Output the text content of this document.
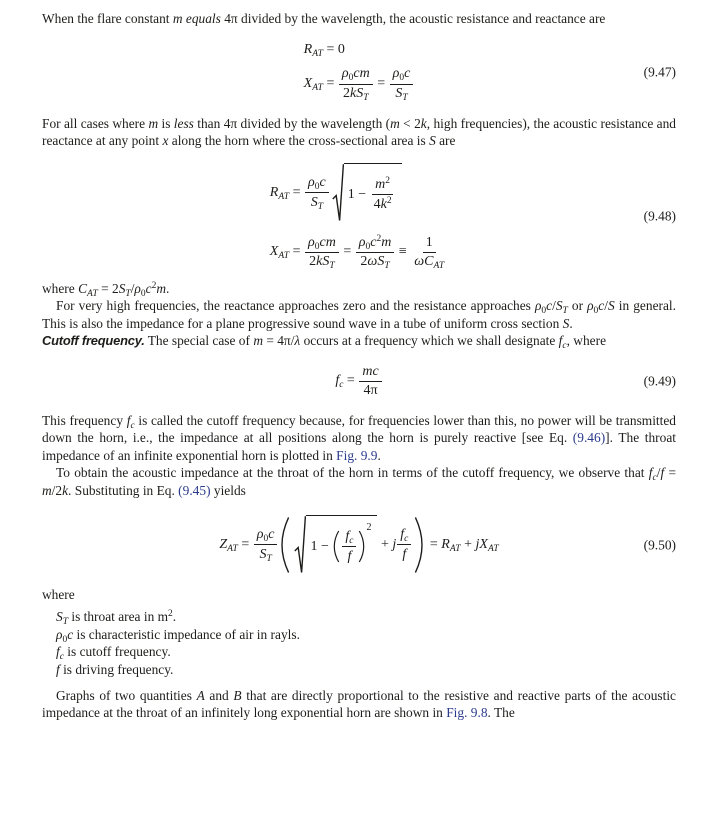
When the flare constant m equals 4π divided by the wavelength, the acoustic resistance and reactance are

$R_{AT} = 0$
$X_{AT} = \frac{\rho_0cm}{2kS_T} = \frac{\rho_0c}{S_T}$	(9.47)

For all cases where m is less than 4π divided by the wavelength (m < 2k, high frequencies), the acoustic resistance and reactance at any point x along the horn where the cross-sectional area is S are

$R_{AT} = \frac{\rho_0c}{S_T} 1 - \frac{m^2}{4k^2}$
$X_{AT} = \frac{\rho_0cm}{2kS_T} = \frac{\rho_0c^2m}{2\omega S_T} \equiv \frac{1}{\omega C_{AT}}$
(9.48)

where $C_{AT} = 2S_T/\rho_0c^2m$.

For very high frequencies, the reactance approaches zero and the resistance approaches $\rho_0c/S_T$ or $\rho_0c/S$ in general. This is also the impedance for a plane progressive sound wave in a tube of uniform cross section S.

Cutoff frequency. The special case of m = 4π/λ occurs at a frequency which we shall designate $f_c$, where

$f_c = \frac{mc}{4\pi}$	(9.49)

This frequency $f_c$ is called the cutoff frequency because, for frequencies lower than this, no power will be transmitted down the horn, i.e., the impedance at all positions along the horn is purely reactive [see Eq. (9.46)]. The throat impedance of an infinite exponential horn is plotted in Fig. 9.9.

To obtain the acoustic impedance at the throat of the horn in terms of the cutoff frequency, we observe that $f_c/f = m/2k$. Substituting in Eq. (9.45) yields

$Z_{AT} = \frac{\rho_0c}{S_T} 1 - \frac{f_c}{f}$
2
+ j $\frac{f_c}{f} = R_{AT} + jX_{AT}$	(9.50)

where

$S_T$ is throat area in $m^2$.
$\rho_0c$ is characteristic impedance of air in rayls.
$f_c$ is cutoff frequency.
f is driving frequency.

Graphs of two quantities A and B that are directly proportional to the resistive and reactive parts of the acoustic impedance at the throat of an infinitely long exponential horn are shown in Fig. 9.8. The
